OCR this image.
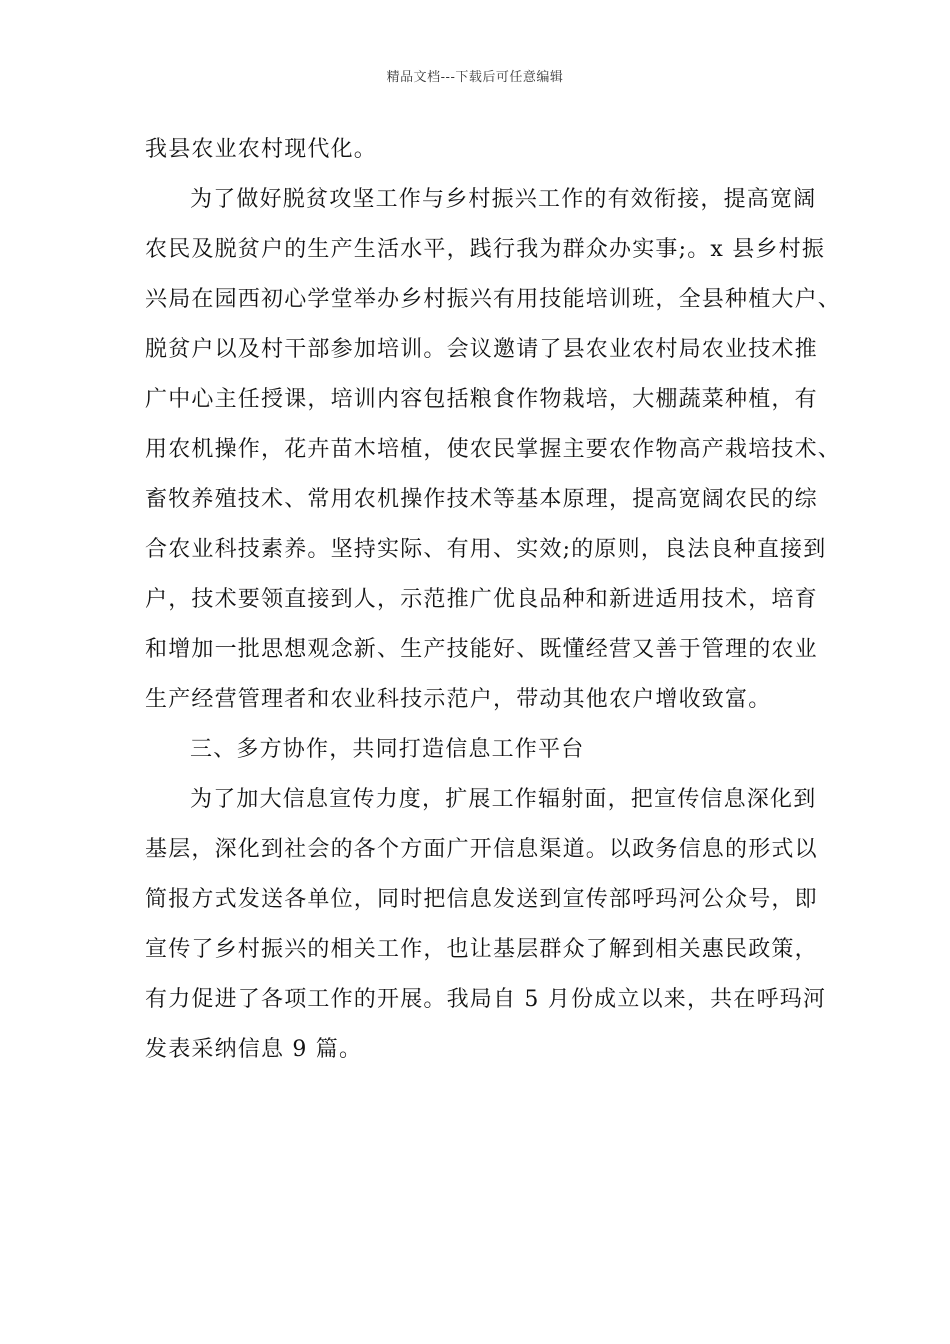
精品文档---下载后可任意编辑
我县农业农村现代化。
为了做好脱贫攻坚工作与乡村振兴工作的有效衔接，提高宽阔
农民及脱贫户的生产生活水平，践行我为群众办实事;。x 县乡村振
兴局在园西初心学堂举办乡村振兴有用技能培训班，全县种植大户、
脱贫户以及村干部参加培训。会议邀请了县农业农村局农业技术推
广中心主任授课，培训内容包括粮食作物栽培，大棚蔬菜种植，有
用农机操作，花卉苗木培植，使农民掌握主要农作物高产栽培技术、
畜牧养殖技术、常用农机操作技术等基本原理，提高宽阔农民的综
合农业科技素养。坚持实际、有用、实效;的原则，良法良种直接到
户，技术要领直接到人，示范推广优良品种和新进适用技术，培育
和增加一批思想观念新、生产技能好、既懂经营又善于管理的农业
生产经营管理者和农业科技示范户，带动其他农户增收致富。
三、多方协作，共同打造信息工作平台
为了加大信息宣传力度，扩展工作辐射面，把宣传信息深化到
基层，深化到社会的各个方面广开信息渠道。以政务信息的形式以
简报方式发送各单位，同时把信息发送到宣传部呼玛河公众号，即
宣传了乡村振兴的相关工作，也让基层群众了解到相关惠民政策，
有力促进了各项工作的开展。我局自 5 月份成立以来，共在呼玛河
发表采纳信息 9 篇。
